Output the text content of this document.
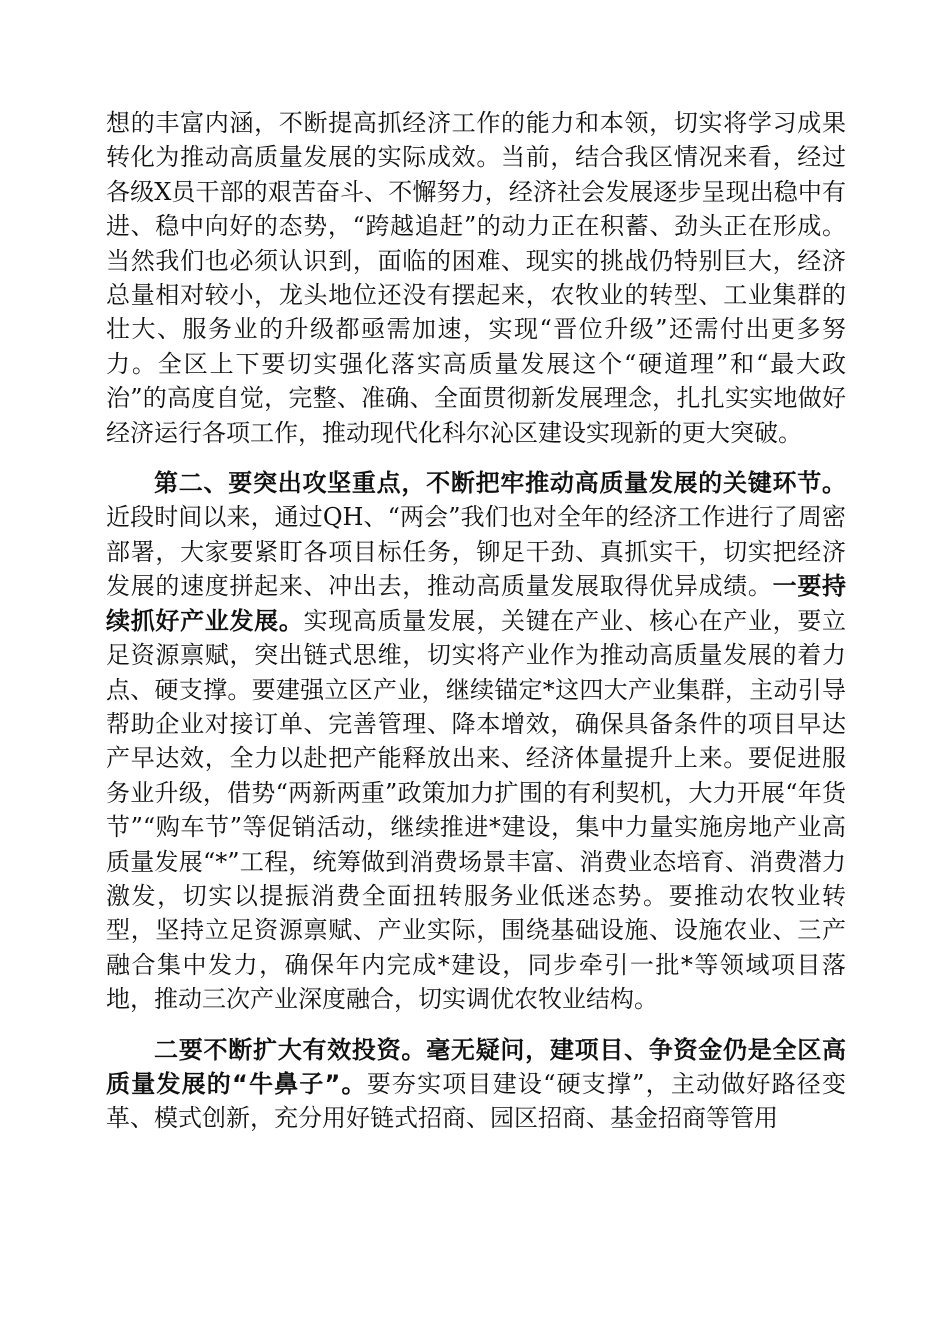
想的丰富内涵，不断提高抓经济工作的能力和本领，切实将学习成果转化为推动高质量发展的实际成效。当前，结合我区情况来看，经过各级X员干部的艰苦奋斗、不懈努力，经济社会发展逐步呈现出稳中有进、稳中向好的态势，“跨越追赶”的动力正在积蓄、劲头正在形成。当然我们也必须认识到，面临的困难、现实的挑战仍特别巨大，经济总量相对较小，龙头地位还没有摆起来，农牧业的转型、工业集群的壮大、服务业的升级都亟需加速，实现“晋位升级”还需付出更多努力。全区上下要切实强化落实高质量发展这个“硬道理”和“最大政治”的高度自觉，完整、准确、全面贯彻新发展理念，扎扎实实地做好经济运行各项工作，推动现代化科尔沁区建设实现新的更大突破。

第二、要突出攻坚重点，不断把牢推动高质量发展的关键环节。近段时间以来，通过QH、“两会”我们也对全年的经济工作进行了周密部署，大家要紧盯各项目标任务，铆足干劲、真抓实干，切实把经济发展的速度拼起来、冲出去，推动高质量发展取得优异成绩。一要持续抓好产业发展。实现高质量发展，关键在产业、核心在产业，要立足资源禀赋，突出链式思维，切实将产业作为推动高质量发展的着力点、硬支撑。要建强立区产业，继续锚定*这四大产业集群，主动引导帮助企业对接订单、完善管理、降本增效，确保具备条件的项目早达产早达效，全力以赴把产能释放出来、经济体量提升上来。要促进服务业升级，借势“两新两重”政策加力扩围的有利契机，大力开展“年货节”“购车节”等促销活动，继续推进*建设，集中力量实施房地产业高质量发展“*”工程，统筹做到消费场景丰富、消费业态培育、消费潜力激发，切实以提振消费全面扭转服务业低迷态势。要推动农牧业转型，坚持立足资源禀赋、产业实际，围绕基础设施、设施农业、三产融合集中发力，确保年内完成*建设，同步牵引一批*等领域项目落地，推动三次产业深度融合，切实调优农牧业结构。

二要不断扩大有效投资。毫无疑问，建项目、争资金仍是全区高质量发展的“牛鼻子”。要夯实项目建设“硬支撑”，主动做好路径变革、模式创新，充分用好链式招商、园区招商、基金招商等管用
